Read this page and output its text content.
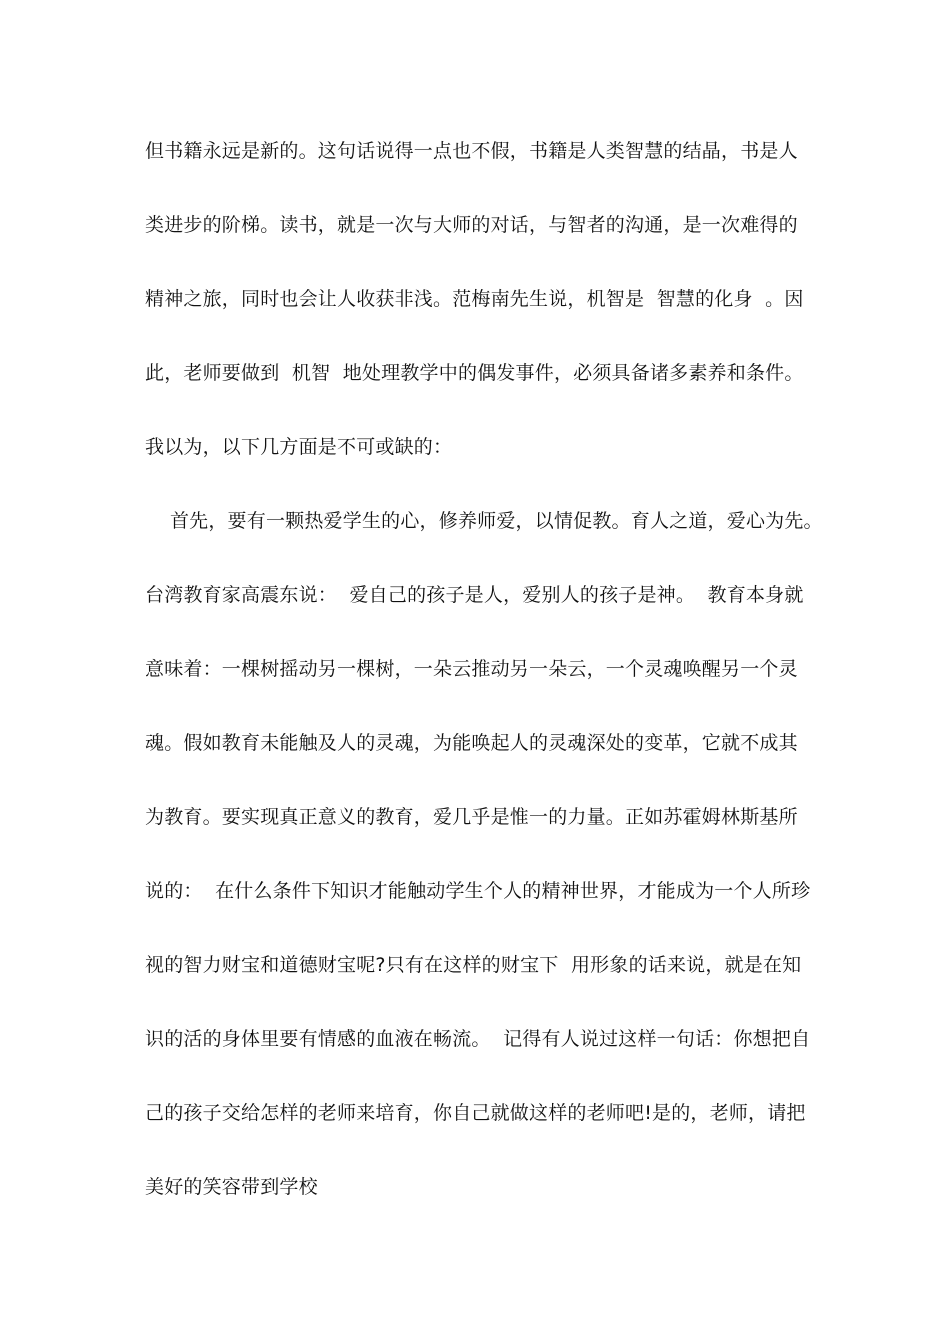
但书籍永远是新的。这句话说得一点也不假，书籍是人类智慧的结晶，书是人
类进步的阶梯。读书，就是一次与大师的对话，与智者的沟通，是一次难得的
精神之旅，同时也会让人收获非浅。范梅南先生说，机智是  智慧的化身  。因
此，老师要做到  机智  地处理教学中的偶发事件，必须具备诸多素养和条件。
我以为，以下几方面是不可或缺的：
首先，要有一颗热爱学生的心，修养师爱，以情促教。育人之道，爱心为先。
台湾教育家高震东说：  爱自己的孩子是人，爱别人的孩子是神。  教育本身就
意味着：一棵树摇动另一棵树，一朵云推动另一朵云，一个灵魂唤醒另一个灵
魂。假如教育未能触及人的灵魂，为能唤起人的灵魂深处的变革，它就不成其
为教育。要实现真正意义的教育，爱几乎是惟一的力量。正如苏霍姆林斯基所
说的：  在什么条件下知识才能触动学生个人的精神世界，才能成为一个人所珍
视的智力财宝和道德财宝呢?只有在这样的财宝下  用形象的话来说，就是在知
识的活的身体里要有情感的血液在畅流。  记得有人说过这样一句话：你想把自
己的孩子交给怎样的老师来培育，你自己就做这样的老师吧!是的，老师，请把
美好的笑容带到学校
